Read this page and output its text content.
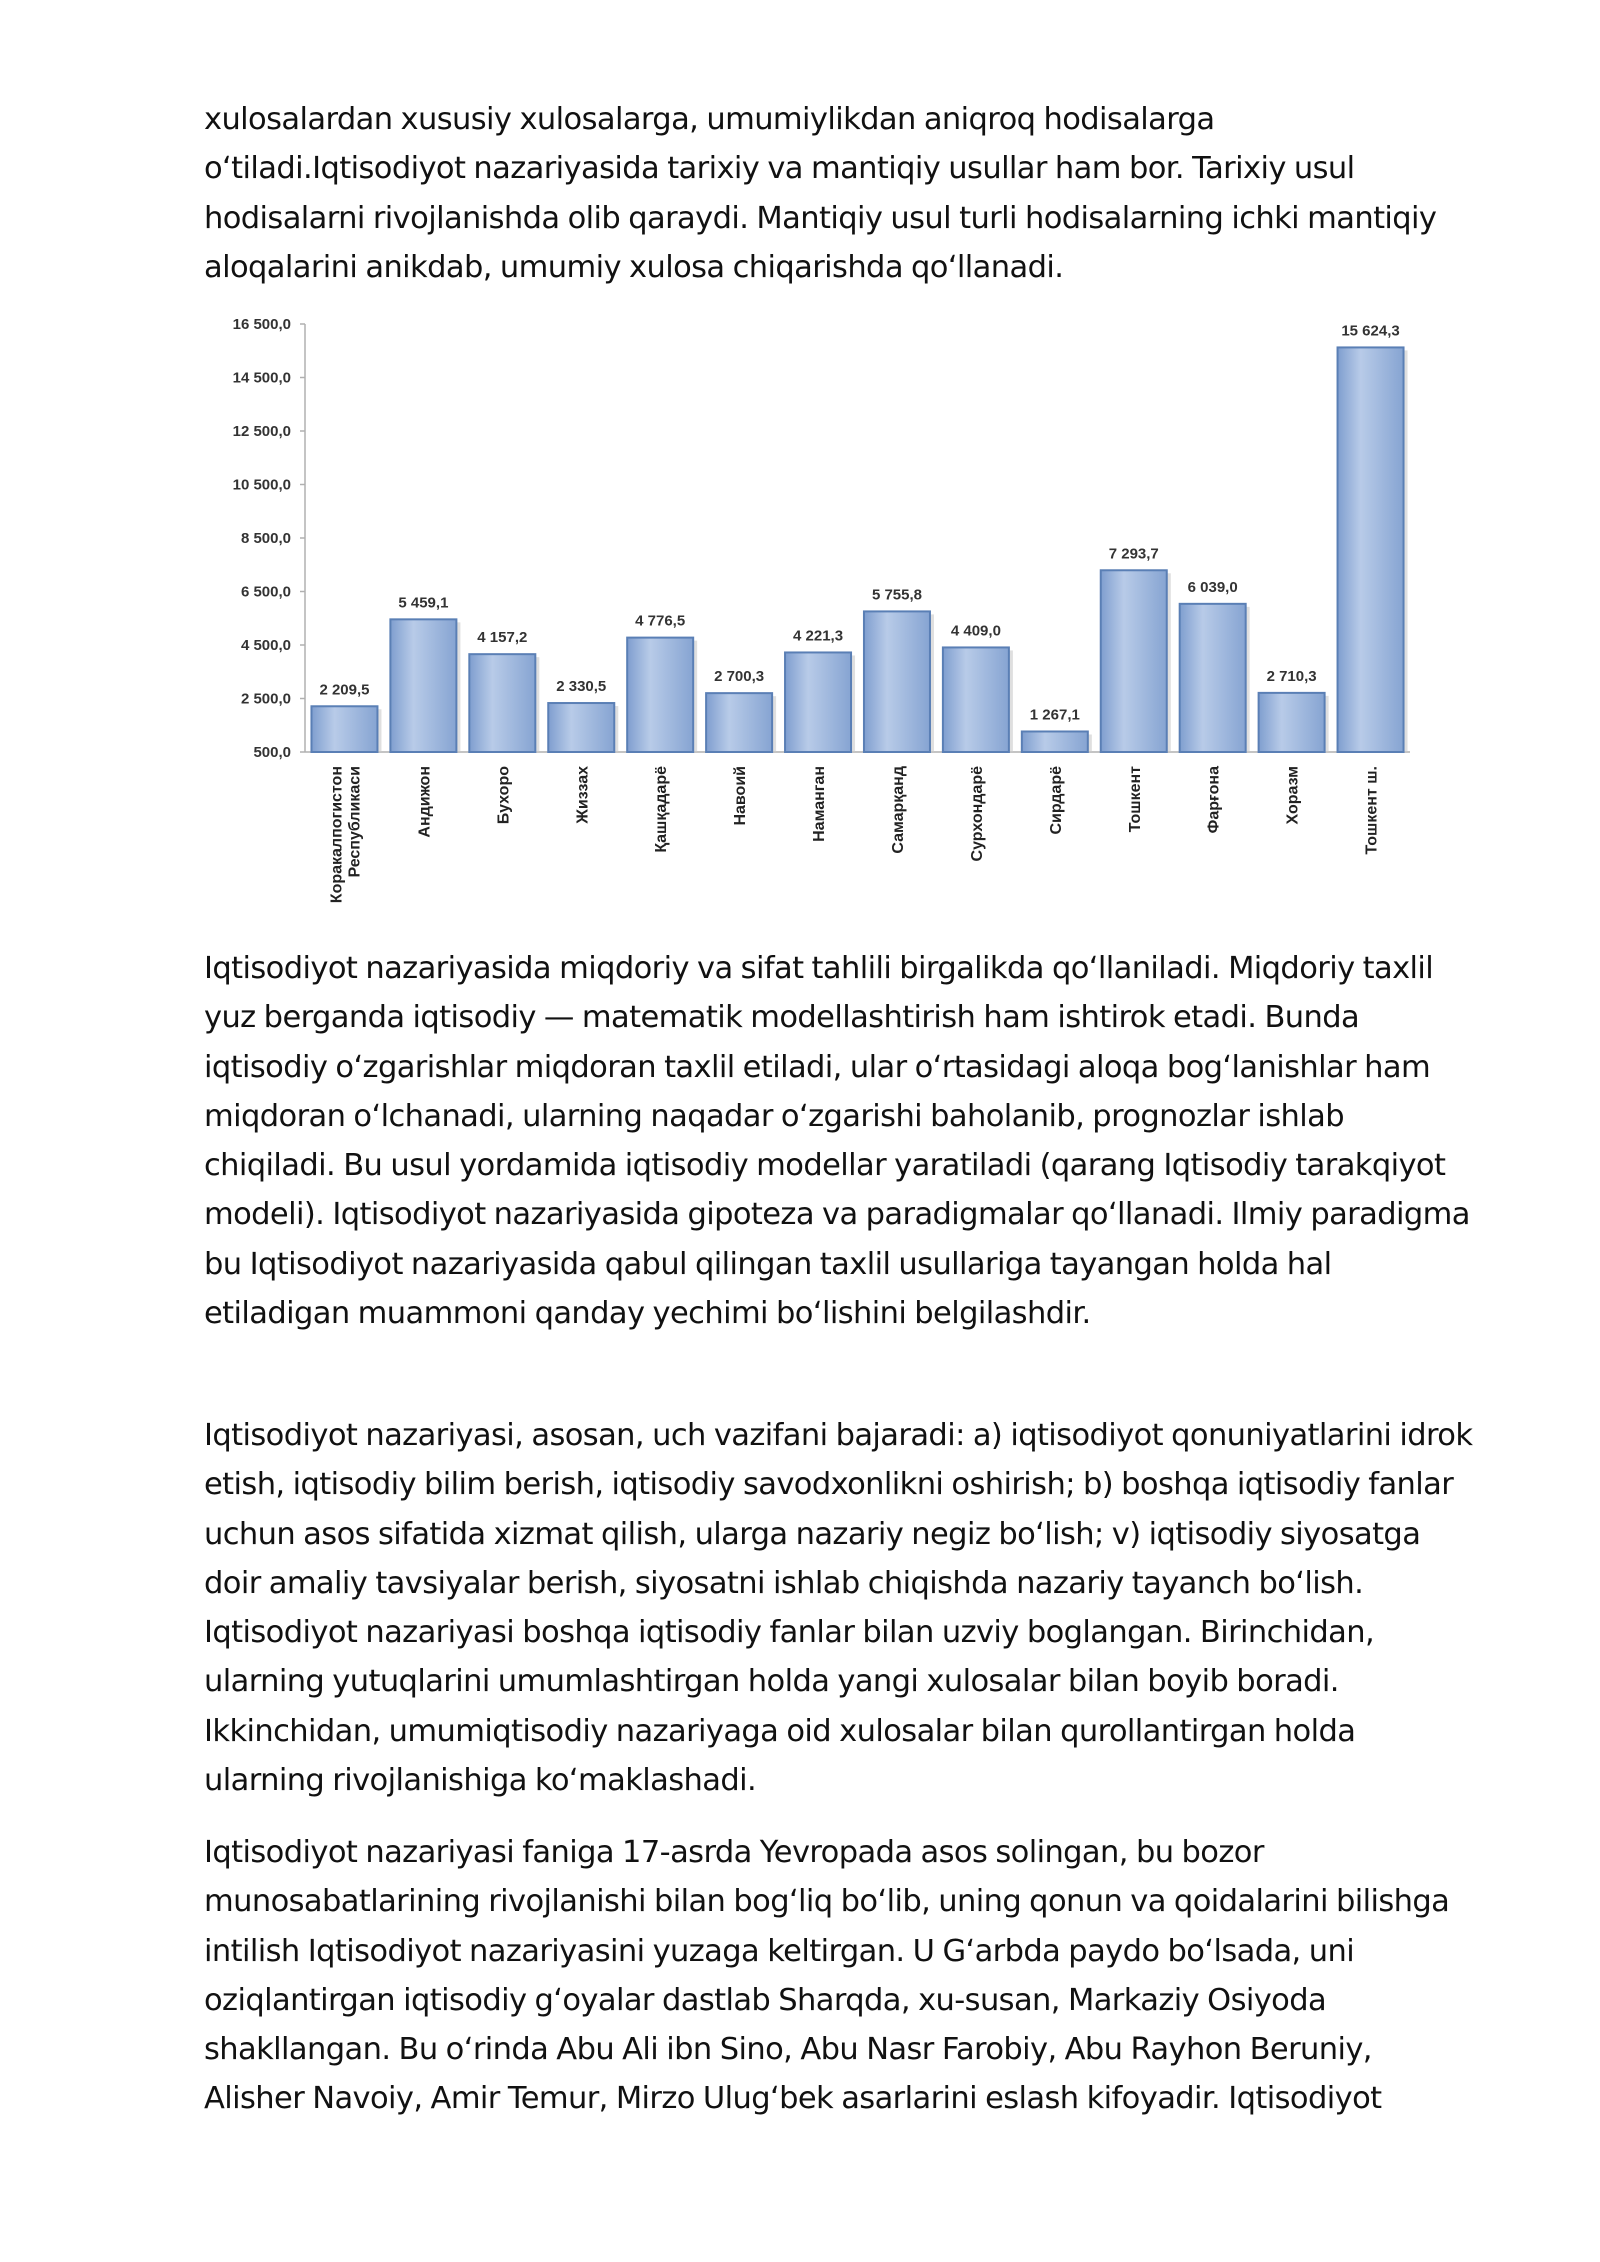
xulosalardan xususiy xulosalarga, umumiylikdan aniqroq hodisalarga o‘tiladi.Iqtisodiyot nazariyasida tarixiy va mantiqiy usullar ham bor. Tarixiy usul hodisalarni rivojlanishda olib qaraydi. Mantiqiy usul turli hodisalarning ichki mantiqiy aloqalarini anikdab, umumiy xulosa chiqarishda qo‘llanadi.

500,0
2 500,0
4 500,0
6 500,0
8 500,0
10 500,0
12 500,0
14 500,0
16 500,0
2 209,5
Коракалпогистон Республикаси
5 459,1
Андижон
4 157,2
Бухоро
2 330,5
Жиззах
4 776,5
Қашқадарё
2 700,3
Навоий
4 221,3
Наманган
5 755,8
Самарқанд
4 409,0
Сурхондарё
1 267,1
Сирдарё
7 293,7
Тошкент
6 039,0
Фарғона
2 710,3
Хоразм
15 624,3
Тошкент ш.

Iqtisodiyot nazariyasida miqdoriy va sifat tahlili birgalikda qo‘llaniladi. Miqdoriy taxlil yuz berganda iqtisodiy — matematik modellashtirish ham ishtirok etadi. Bunda iqtisodiy o‘zgarishlar miqdoran taxlil etiladi, ular o‘rtasidagi aloqa bog‘lanishlar ham miqdoran o‘lchanadi, ularning naqadar o‘zgarishi baholanib, prognozlar ishlab chiqiladi. Bu usul yordamida iqtisodiy modellar yaratiladi (qarang Iqtisodiy tarakqiyot modeli). Iqtisodiyot nazariyasida gipoteza va paradigmalar qo‘llanadi. Ilmiy paradigma bu Iqtisodiyot nazariyasida qabul qilingan taxlil usullariga tayangan holda hal etiladigan muammoni qanday yechimi bo‘lishini belgilashdir.

Iqtisodiyot nazariyasi, asosan, uch vazifani bajaradi: a) iqtisodiyot qonuniyatlarini idrok etish, iqtisodiy bilim berish, iqtisodiy savodxonlikni oshirish; b) boshqa iqtisodiy fanlar uchun asos sifatida xizmat qilish, ularga nazariy negiz bo‘lish; v) iqtisodiy siyosatga doir amaliy tavsiyalar berish, siyosatni ishlab chiqishda nazariy tayanch bo‘lish. Iqtisodiyot nazariyasi boshqa iqtisodiy fanlar bilan uzviy boglangan. Birinchidan, ularning yutuqlarini umumlashtirgan holda yangi xulosalar bilan boyib boradi. Ikkinchidan, umumiqtisodiy nazariyaga oid xulosalar bilan qurollantirgan holda ularning rivojlanishiga ko‘maklashadi.

Iqtisodiyot nazariyasi faniga 17-asrda Yevropada asos solingan, bu bozor munosabatlarining rivojlanishi bilan bog‘liq bo‘lib, uning qonun va qoidalarini bilishga intilish Iqtisodiyot nazariyasini yuzaga keltirgan. U G‘arbda paydo bo‘lsada, uni oziqlantirgan iqtisodiy g‘oyalar dastlab Sharqda, xu-susan, Markaziy Osiyoda shakllangan. Bu o‘rinda Abu Ali ibn Sino, Abu Nasr Farobiy, Abu Rayhon Beruniy, Alisher Navoiy, Amir Temur, Mirzo Ulug‘bek asarlarini eslash kifoyadir. Iqtisodiyot
